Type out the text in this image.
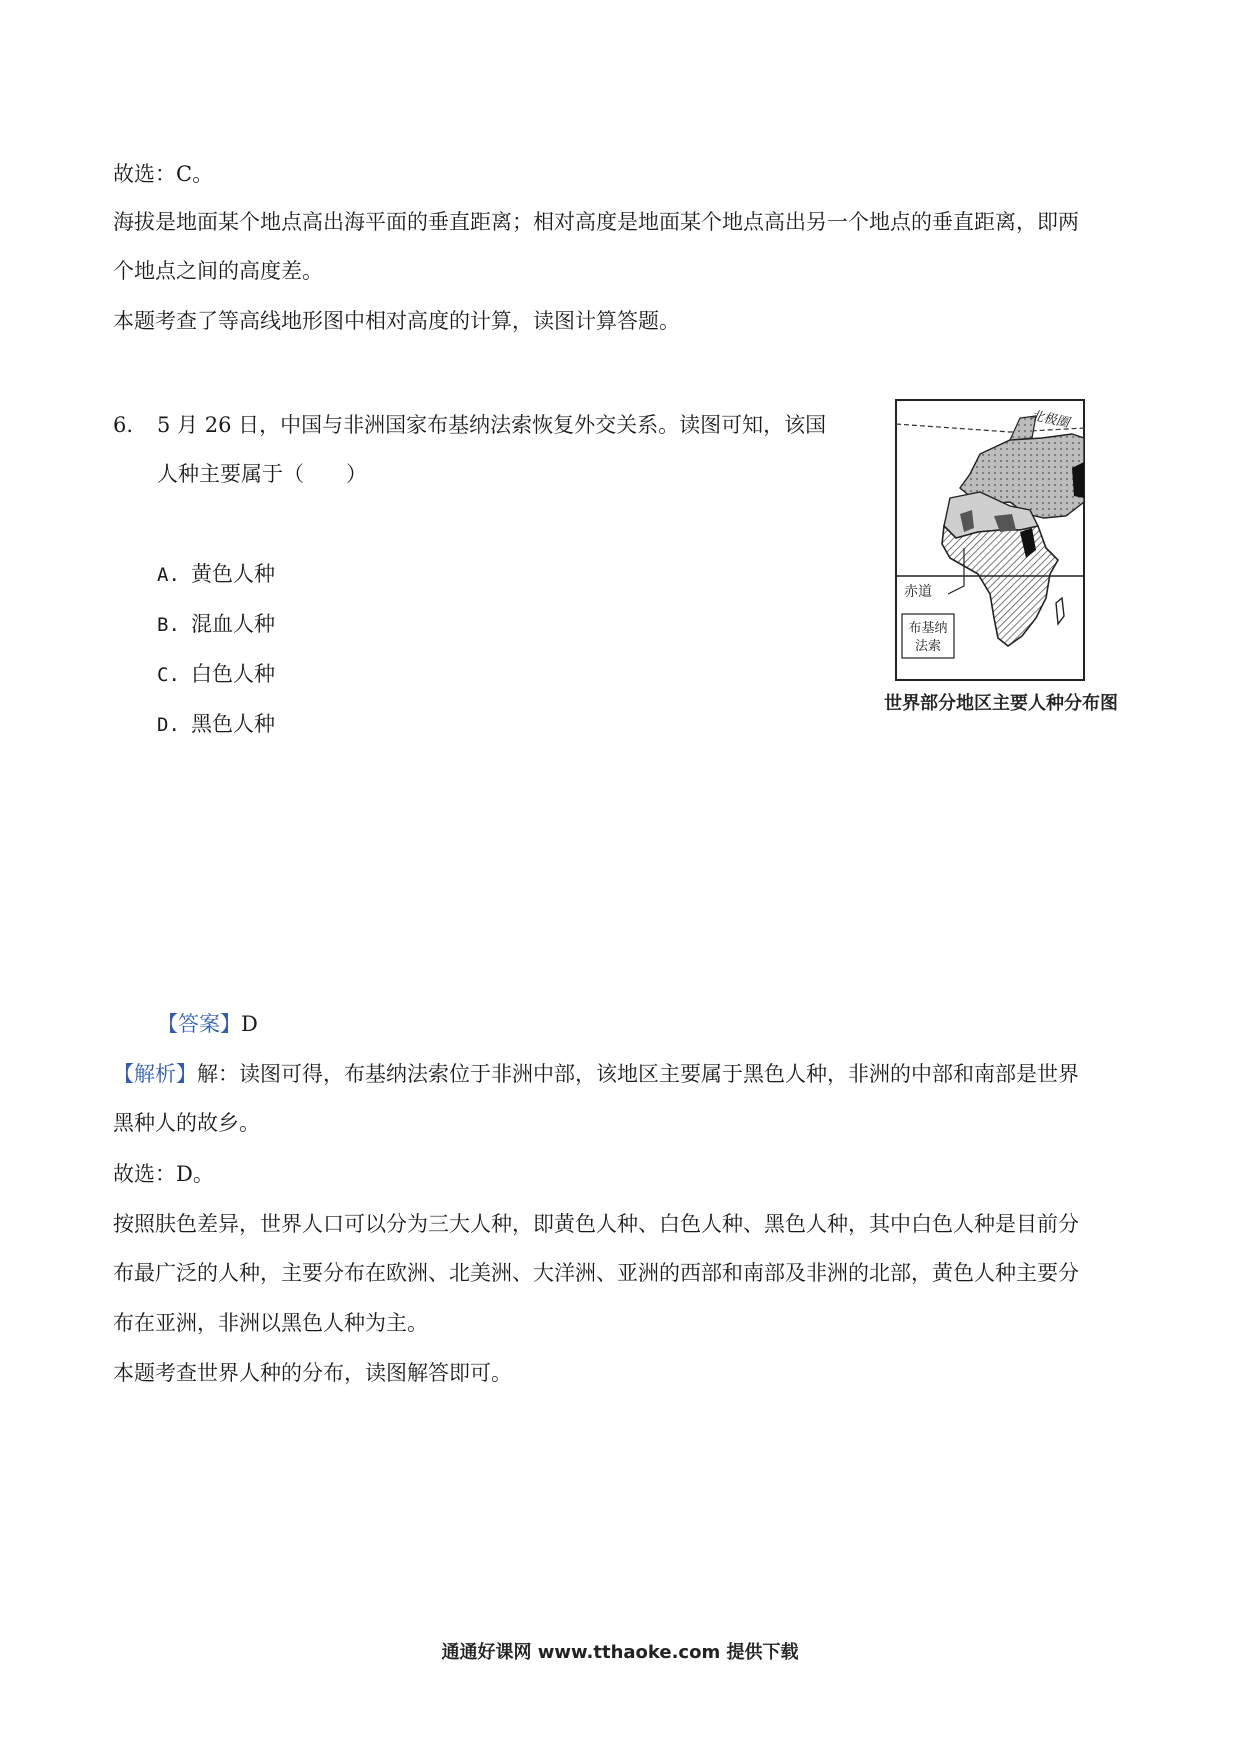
故选：C。
海拔是地面某个地点高出海平面的垂直距离；相对高度是地面某个地点高出另一个地点的垂直距离，即两
个地点之间的高度差。
本题考查了等高线地形图中相对高度的计算，读图计算答题。
6. 5 月 26 日，中国与非洲国家布基纳法索恢复外交关系。读图可知，该国
人种主要属于（　　）
A. 黄色人种
B. 混血人种
C. 白色人种
D. 黑色人种
北极圈
赤道
布基纳
法索
世界部分地区主要人种分布图
【答案】D
【解析】解：读图可得，布基纳法索位于非洲中部，该地区主要属于黑色人种，非洲的中部和南部是世界
黑种人的故乡。
故选：D。
按照肤色差异，世界人口可以分为三大人种，即黄色人种、白色人种、黑色人种，其中白色人种是目前分
布最广泛的人种，主要分布在欧洲、北美洲、大洋洲、亚洲的西部和南部及非洲的北部，黄色人种主要分
布在亚洲，非洲以黑色人种为主。
本题考查世界人种的分布，读图解答即可。
通通好课网 www.tthaoke.com 提供下载
